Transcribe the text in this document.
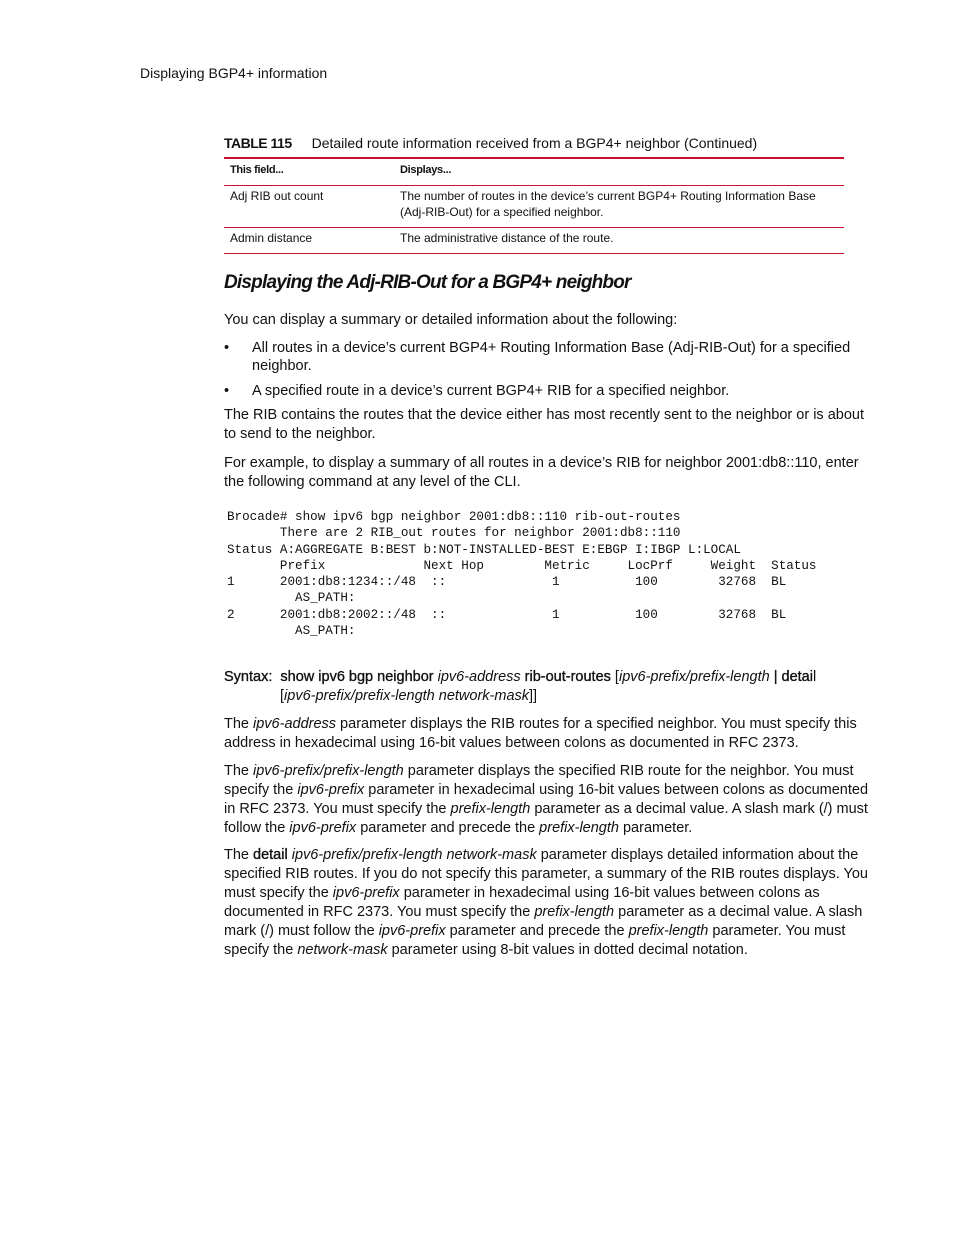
Displaying BGP4+ information
TABLE 115 Detailed route information received from a BGP4+ neighbor (Continued)
This field...	Displays...
Adj RIB out count	The number of routes in the device’s current BGP4+ Routing Information Base (Adj-RIB-Out) for a specified neighbor.
Admin distance	The administrative distance of the route.
Displaying the Adj-RIB-Out for a BGP4+ neighbor

You can display a summary or detailed information about the following:

• All routes in a device’s current BGP4+ Routing Information Base (Adj-RIB-Out) for a specified neighbor.
• A specified route in a device’s current BGP4+ RIB for a specified neighbor.

The RIB contains the routes that the device either has most recently sent to the neighbor or is about to send to the neighbor.

For example, to display a summary of all routes in a device’s RIB for neighbor 2001:db8::110, enter the following command at any level of the CLI.

Brocade# show ipv6 bgp neighbor 2001:db8::110 rib-out-routes
There are 2 RIB_out routes for neighbor 2001:db8::110
Status A:AGGREGATE B:BEST b:NOT-INSTALLED-BEST E:EBGP I:IBGP L:LOCAL
Prefix             Next Hop        Metric     LocPrf     Weight  Status
1      2001:db8:1234::/48  ::              1          100        32768  BL
AS_PATH:
2      2001:db8:2002::/48  ::              1          100        32768  BL
AS_PATH:
Syntax: show ipv6 bgp neighbor ipv6-address rib-out-routes [ipv6-prefix/prefix-length | detail
[ipv6-prefix/prefix-length network-mask]]

The ipv6-address parameter displays the RIB routes for a specified neighbor. You must specify this address in hexadecimal using 16-bit values between colons as documented in RFC 2373.

The ipv6-prefix/prefix-length parameter displays the specified RIB route for the neighbor. You must specify the ipv6-prefix parameter in hexadecimal using 16-bit values between colons as documented in RFC 2373. You must specify the prefix-length parameter as a decimal value. A slash mark (/) must follow the ipv6-prefix parameter and precede the prefix-length parameter.

The detail ipv6-prefix/prefix-length network-mask parameter displays detailed information about the specified RIB routes. If you do not specify this parameter, a summary of the RIB routes displays. You must specify the ipv6-prefix parameter in hexadecimal using 16-bit values between colons as documented in RFC 2373. You must specify the prefix-length parameter as a decimal value. A slash mark (/) must follow the ipv6-prefix parameter and precede the prefix-length parameter. You must specify the network-mask parameter using 8-bit values in dotted decimal notation.
